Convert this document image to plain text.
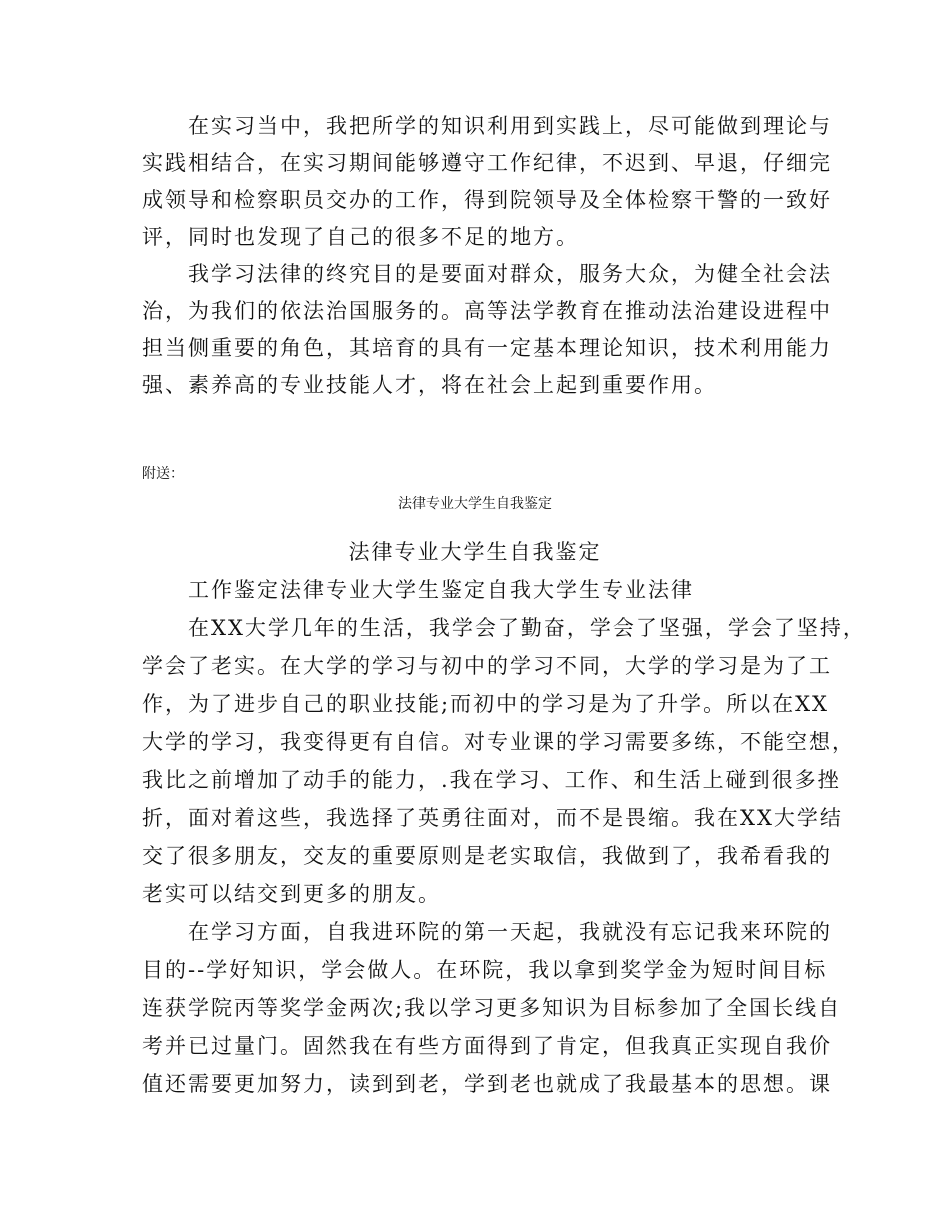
在实习当中，我把所学的知识利用到实践上，尽可能做到理论与
实践相结合，在实习期间能够遵守工作纪律，不迟到、早退，仔细完
成领导和检察职员交办的工作，得到院领导及全体检察干警的一致好
评，同时也发现了自己的很多不足的地方。
我学习法律的终究目的是要面对群众，服务大众，为健全社会法
治，为我们的依法治国服务的。高等法学教育在推动法治建设进程中
担当侧重要的角色，其培育的具有一定基本理论知识，技术利用能力
强、素养高的专业技能人才，将在社会上起到重要作用。
附送：
法律专业大学生自我鉴定
法律专业大学生自我鉴定
工作鉴定法律专业大学生鉴定自我大学生专业法律
在XX大学几年的生活，我学会了勤奋，学会了坚强，学会了坚持，
学会了老实。在大学的学习与初中的学习不同，大学的学习是为了工
作，为了进步自己的职业技能;而初中的学习是为了升学。所以在XX
大学的学习，我变得更有自信。对专业课的学习需要多练，不能空想，
我比之前增加了动手的能力，.我在学习、工作、和生活上碰到很多挫
折，面对着这些，我选择了英勇往面对，而不是畏缩。我在XX大学结
交了很多朋友，交友的重要原则是老实取信，我做到了，我希看我的
老实可以结交到更多的朋友。
在学习方面，自我进环院的第一天起，我就没有忘记我来环院的
目的--学好知识，学会做人。在环院，我以拿到奖学金为短时间目标
连获学院丙等奖学金两次;我以学习更多知识为目标参加了全国长线自
考并已过量门。固然我在有些方面得到了肯定，但我真正实现自我价
值还需要更加努力，读到到老，学到老也就成了我最基本的思想。课
